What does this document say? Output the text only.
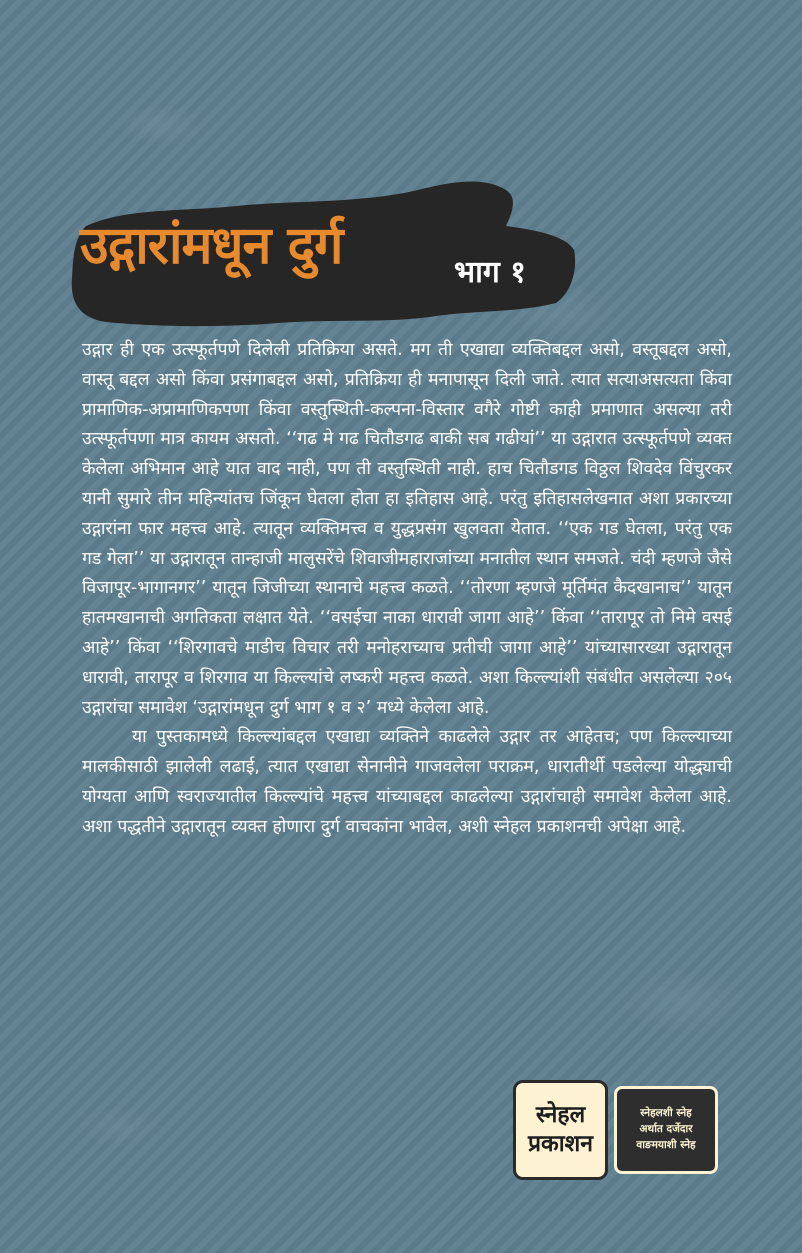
उद्गारांमधून दुर्ग	भाग १

उद्गार ही एक उत्स्फूर्तपणे दिलेली प्रतिक्रिया असते. मग ती एखाद्या व्यक्तिबद्दल असो, वस्तूबद्दल असो, वास्तू बद्दल असो किंवा प्रसंगाबद्दल असो, प्रतिक्रिया ही मनापासून दिली जाते. त्यात सत्याअसत्यता किंवा प्रामाणिक-अप्रामाणिकपणा किंवा वस्तुस्थिती-कल्पना-विस्तार वगैरे गोष्टी काही प्रमाणात असल्या तरी उत्स्फूर्तपणा मात्र कायम असतो. ‘‘गढ मे गढ चितौडगढ बाकी सब गढीयां’’ या उद्गारात उत्स्फूर्तपणे व्यक्त केलेला अभिमान आहे यात वाद नाही, पण ती वस्तुस्थिती नाही. हाच चितौडगड विठ्ठल शिवदेव विंचुरकर यानी सुमारे तीन महिन्यांतच जिंकून घेतला होता हा इतिहास आहे. परंतु इतिहासलेखनात अशा प्रकारच्या उद्गारांना फार महत्त्व आहे. त्यातून व्यक्तिमत्त्व व युद्धप्रसंग खुलवता येतात. ‘‘एक गड घेतला, परंतु एक गड गेला’’ या उद्गारातून तान्हाजी मालुसरेंचे शिवाजीमहाराजांच्या मनातील स्थान समजते. चंदी म्हणजे जैसे विजापूर-भागानगर’’ यातून जिजीच्या स्थानाचे महत्त्व कळते. ‘‘तोरणा म्हणजे मूर्तिमंत कैदखानाच’’ यातून हातमखानाची अगतिकता लक्षात येते. ‘‘वसईचा नाका धारावी जागा आहे’’ किंवा ‘‘तारापूर तो निमे वसई आहे’’ किंवा ‘‘शिरगावचे माडीच विचार तरी मनोहराच्याच प्रतीची जागा आहे’’ यांच्यासारख्या उद्गारातून धारावी, तारापूर व शिरगाव या किल्ल्यांचे लष्करी महत्त्व कळते. अशा किल्ल्यांशी संबंधीत असलेल्या २०५ उद्गारांचा समावेश ‘उद्गारांमधून दुर्ग भाग १ व २’ मध्ये केलेला आहे.

या पुस्तकामध्ये किल्ल्यांबद्दल एखाद्या व्यक्तिने काढलेले उद्गार तर आहेतच; पण किल्ल्याच्या मालकीसाठी झालेली लढाई, त्यात एखाद्या सेनानीने गाजवलेला पराक्रम, धारातीर्थी पडलेल्या योद्ध्याची योग्यता आणि स्वराज्यातील किल्ल्यांचे महत्त्व यांच्याबद्दल काढलेल्या उद्गारांचाही समावेश केलेला आहे. अशा पद्धतीने उद्गारातून व्यक्त होणारा दुर्ग वाचकांना भावेल, अशी स्नेहल प्रकाशनची अपेक्षा आहे.

स्नेहल
प्रकाशन
स्नेहलशी स्नेह
अर्थात दर्जेदार
वाङमयाशी स्नेह
